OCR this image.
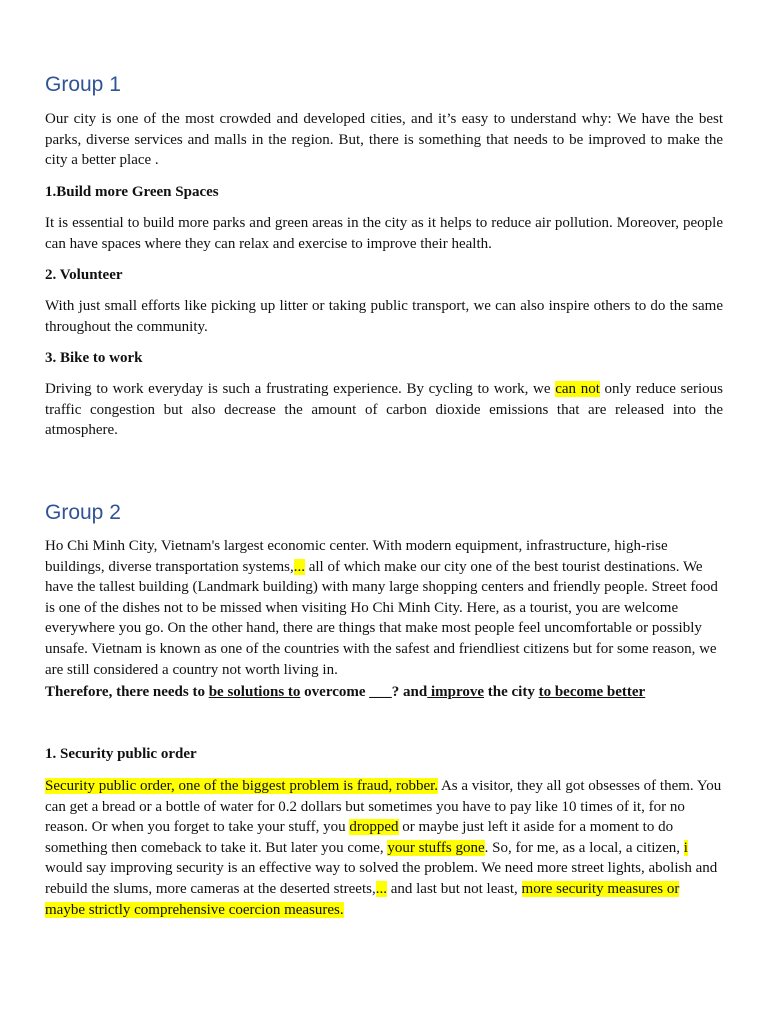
Group 1

Our city is one of the most crowded and developed cities, and it’s easy to understand why: We have the best parks, diverse services and malls in the region. But, there is something that needs to be improved to make the city a better place .

1.Build more Green Spaces

It is essential to build more parks and green areas in the city as it helps to reduce air pollution. Moreover, people can have spaces where they can relax and exercise to improve their health.

2. Volunteer

With just small efforts like picking up litter or taking public transport, we can also inspire others to do the same throughout the community.

3. Bike to work

Driving to work everyday is such a frustrating experience. By cycling to work, we can not only reduce serious traffic congestion but also decrease the amount of carbon dioxide emissions that are released into the atmosphere.

Group 2

Ho Chi Minh City, Vietnam's largest economic center. With modern equipment, infrastructure, high-rise buildings, diverse transportation systems,... all of which make our city one of the best tourist destinations. We have the tallest building (Landmark building) with many large shopping centers and friendly people. Street food is one of the dishes not to be missed when visiting Ho Chi Minh City. Here, as a tourist, you are welcome everywhere you go. On the other hand, there are things that make most people feel uncomfortable or possibly unsafe. Vietnam is known as one of the countries with the safest and friendliest citizens but for some reason, we are still considered a country not worth living in.

Therefore, there needs to be solutions to overcome ___? and improve the city to become better

1. Security public order

Security public order, one of the biggest problem is fraud, robber. As a visitor, they all got obsesses of them. You can get a bread or a bottle of water for 0.2 dollars but sometimes you have to pay like 10 times of it, for no reason. Or when you forget to take your stuff, you dropped or maybe just left it aside for a moment to do something then comeback to take it. But later you come, your stuffs gone. So, for me, as a local, a citizen, i would say improving security is an effective way to solved the problem. We need more street lights, abolish and rebuild the slums, more cameras at the deserted streets,... and last but not least, more security measures or maybe strictly comprehensive coercion measures.
